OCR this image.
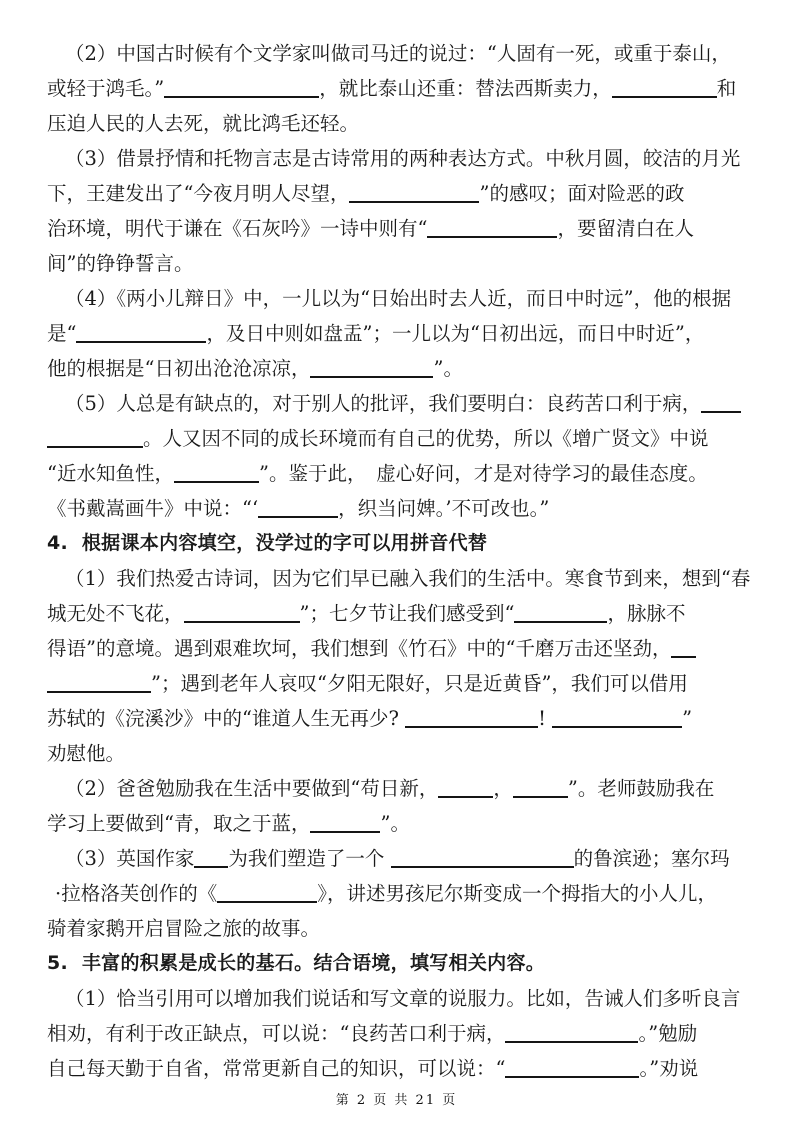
（2）中国古时候有个文学家叫做司马迁的说过：“人固有一死，或重于泰山，
或轻于鸿毛。”	，就比泰山还重：替法西斯卖力，	和
压迫人民的人去死，就比鸿毛还轻。
（3）借景抒情和托物言志是古诗常用的两种表达方式。中秋月圆，皎洁的月光
下，王建发出了“今夜月明人尽望，	”的感叹；面对险恶的政
治环境，明代于谦在《石灰吟》一诗中则有“	，要留清白在人
间”的铮铮誓言。
（4）《两小儿辩日》中，一儿以为“日始出时去人近，而日中时远”，他的根据
是“	，及日中则如盘盂”；一儿以为“日初出远，而日中时近”，
他的根据是“日初出沧沧凉凉，	”。
（5）人总是有缺点的，对于别人的批评，我们要明白：良药苦口利于病，
。人又因不同的成长环境而有自己的优势，所以《增广贤文》中说
“近水知鱼性，	”。鉴于此， 虚心好问，才是对待学习的最佳态度。
《书戴嵩画牛》中说：“‘	，织当问婢。’不可改也。”
4.  根据课本内容填空，没学过的字可以用拼音代替
（1）我们热爱古诗词，因为它们早已融入我们的生活中。寒食节到来，想到“春
城无处不飞花，	”；七夕节让我们感受到“	，脉脉不
得语”的意境。遇到艰难坎坷，我们想到《竹石》中的“千磨万击还坚劲，
”；遇到老年人哀叹“夕阳无限好，只是近黄昏”，我们可以借用
苏轼的《浣溪沙》中的“谁道人生无再少?	!	”
劝慰他。
（2）爸爸勉励我在生活中要做到“苟日新，	，	”。老师鼓励我在
学习上要做到“青，取之于蓝，	”。
（3）英国作家 为我们塑造了一个	的鲁滨逊；塞尔玛
·拉格洛芙创作的《	》，讲述男孩尼尔斯变成一个拇指大的小人儿，
骑着家鹅开启冒险之旅的故事。
5.  丰富的积累是成长的基石。结合语境，填写相关内容。
（1）恰当引用可以增加我们说话和写文章的说服力。比如，告诫人们多听良言
相劝，有利于改正缺点，可以说：“良药苦口利于病，	。”勉励
自己每天勤于自省，常常更新自己的知识，可以说：“	。”劝说
第 2 页 共 21 页
